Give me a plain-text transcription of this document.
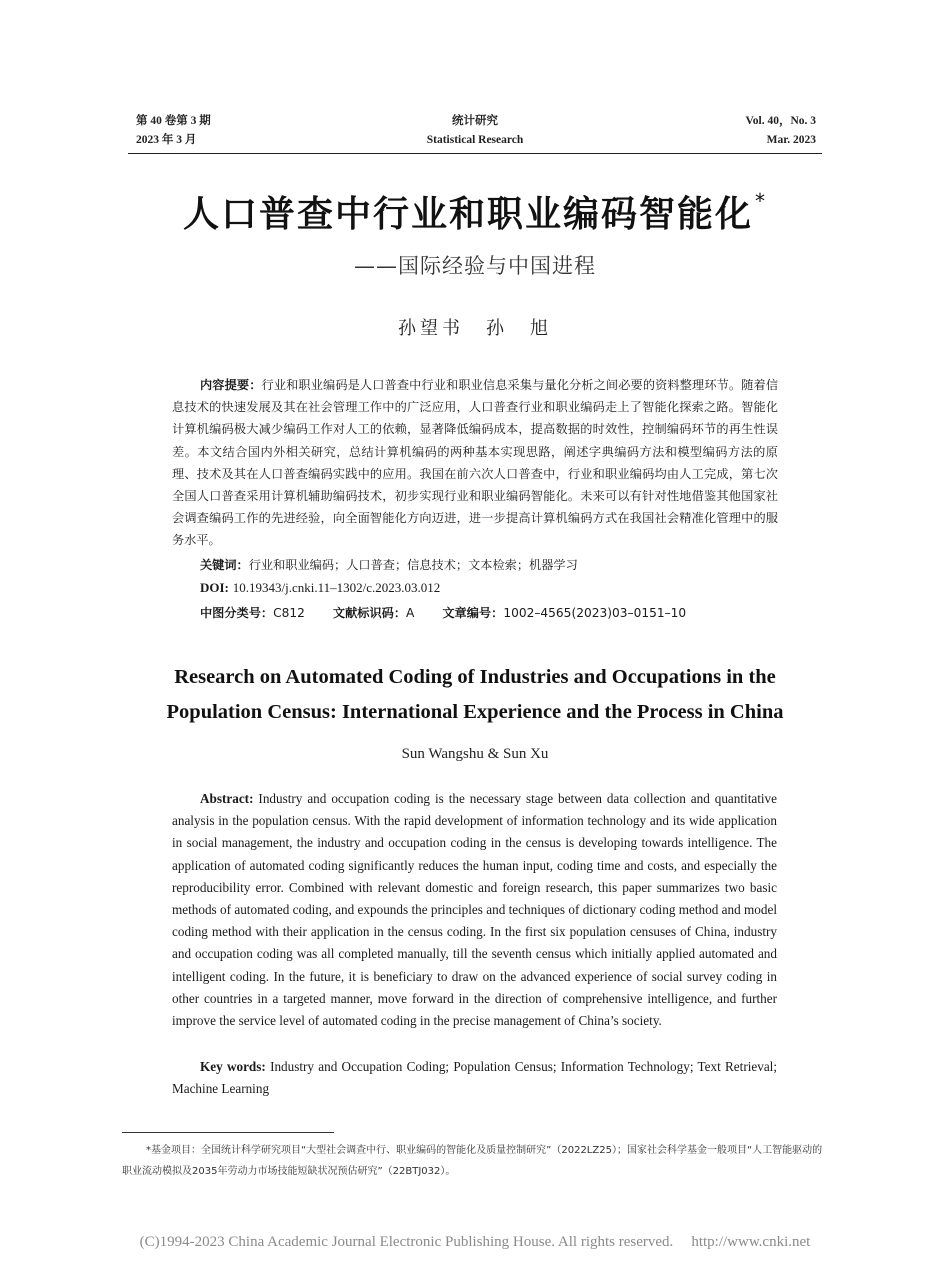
第 40 卷第 3 期
2023 年 3 月
统计研究
Statistical Research
Vol. 40，No. 3
Mar. 2023
人口普查中行业和职业编码智能化 *
——国际经验与中国进程
孙望书　孙　旭
内容提要：行业和职业编码是人口普查中行业和职业信息采集与量化分析之间必要的资料整理环节。随着信息技术的快速发展及其在社会管理工作中的广泛应用，人口普查行业和职业编码走上了智能化探索之路。智能化计算机编码极大减少编码工作对人工的依赖，显著降低编码成本，提高数据的时效性，控制编码环节的再生性误差。本文结合国内外相关研究，总结计算机编码的两种基本实现思路，阐述字典编码方法和模型编码方法的原理、技术及其在人口普查编码实践中的应用。我国在前六次人口普查中，行业和职业编码均由人工完成，第七次全国人口普查采用计算机辅助编码技术，初步实现行业和职业编码智能化。未来可以有针对性地借鉴其他国家社会调查编码工作的先进经验，向全面智能化方向迈进，进一步提高计算机编码方式在我国社会精准化管理中的服务水平。
关键词：行业和职业编码；人口普查；信息技术；文本检索；机器学习
DOI: 10.19343/j.cnki.11–1302/c.2023.03.012
中图分类号：C812 文献标识码：A 文章编号：1002–4565(2023)03–0151–10
Research on Automated Coding of Industries and Occupations in the
Population Census: International Experience and the Process in China
Sun Wangshu & Sun Xu
Abstract: Industry and occupation coding is the necessary stage between data collection and quantitative analysis in the population census. With the rapid development of information technology and its wide application in social management, the industry and occupation coding in the census is developing towards intelligence. The application of automated coding significantly reduces the human input, coding time and costs, and especially the reproducibility error. Combined with relevant domestic and foreign research, this paper summarizes two basic methods of automated coding, and expounds the principles and techniques of dictionary coding method and model coding method with their application in the census coding. In the first six population censuses of China, industry and occupation coding was all completed manually, till the seventh census which initially applied automated and intelligent coding. In the future, it is beneficiary to draw on the advanced experience of social survey coding in other countries in a targeted manner, move forward in the direction of comprehensive intelligence, and further improve the service level of automated coding in the precise management of China’s society.
Key words: Industry and Occupation Coding; Population Census; Information Technology; Text Retrieval; Machine Learning
*基金项目：全国统计科学研究项目“大型社会调查中行、职业编码的智能化及质量控制研究”（2022LZ25）；国家社会科学基金一般项目“人工智能驱动的职业流动模拟及2035年劳动力市场技能短缺状况预估研究”（22BTJ032）。
(C)1994-2023 China Academic Journal Electronic Publishing House. All rights reserved. http://www.cnki.net
